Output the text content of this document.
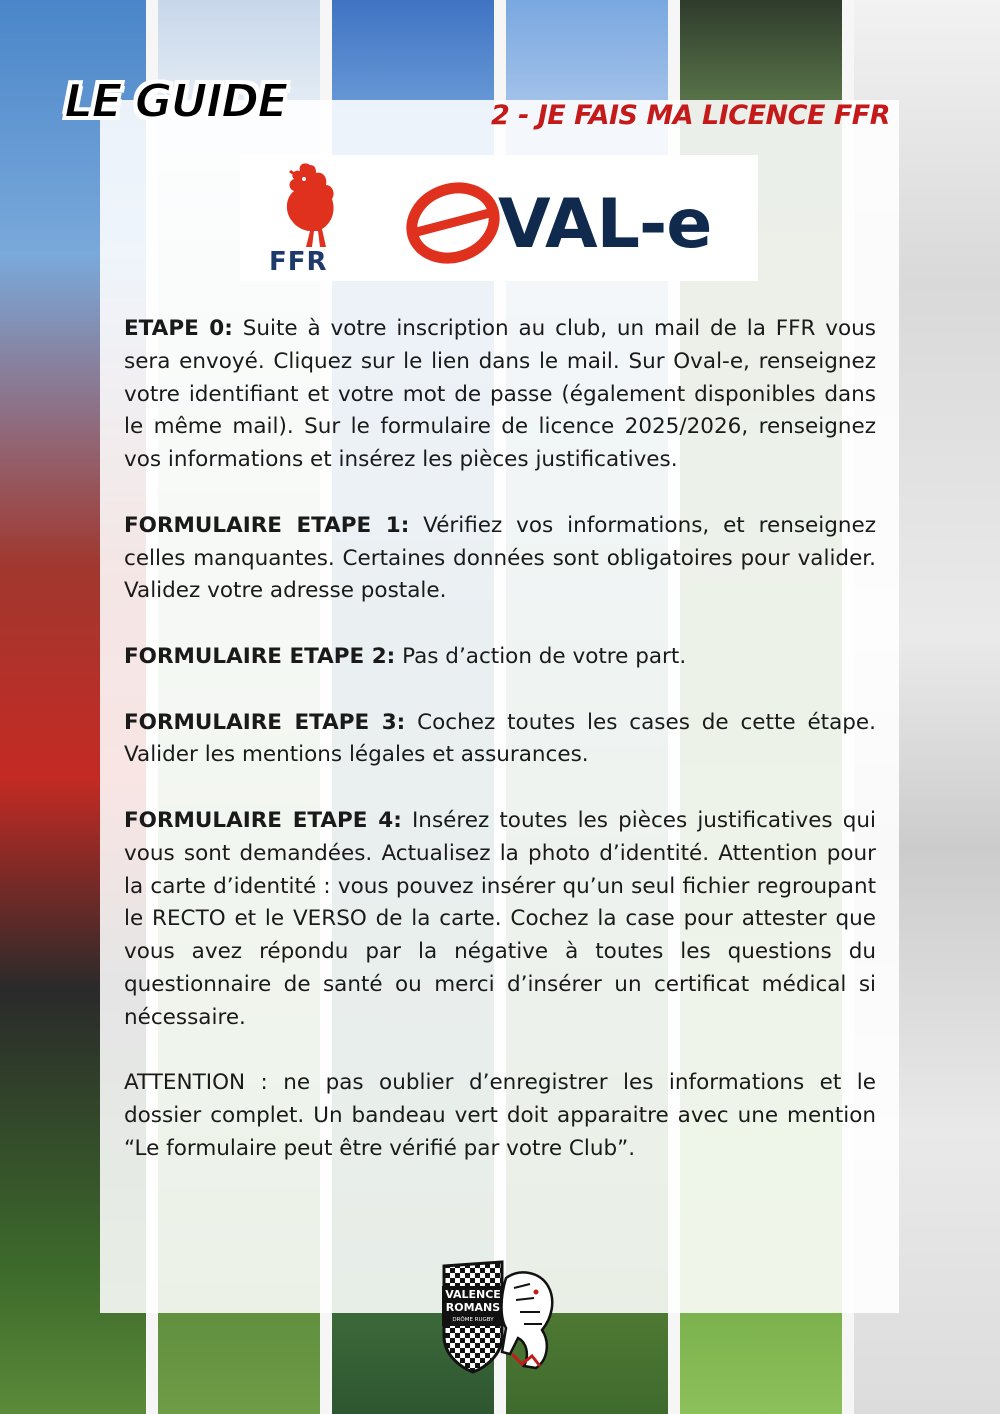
LE GUIDE	2 - JE FAIS MA LICENCE FFR
FFR	VAL-e

ETAPE 0: Suite à votre inscription au club, un mail de la FFR vous sera envoyé. Cliquez sur le lien dans le mail. Sur Oval-e, renseignez votre identifiant et votre mot de passe (également disponibles dans le même mail). Sur le formulaire de licence 2025/2026, renseignez vos informations et insérez les pièces justificatives.

FORMULAIRE ETAPE 1: Vérifiez vos informations, et renseignez celles manquantes. Certaines données sont obligatoires pour valider. Validez votre adresse postale.

FORMULAIRE ETAPE 2: Pas d’action de votre part.

FORMULAIRE ETAPE 3: Cochez toutes les cases de cette étape. Valider les mentions légales et assurances.

FORMULAIRE ETAPE 4: Insérez toutes les pièces justificatives qui vous sont demandées. Actualisez la photo d’identité. Attention pour la carte d’identité : vous pouvez insérer qu’un seul fichier regroupant le RECTO et le VERSO de la carte. Cochez la case pour attester que vous avez répondu par la négative à toutes les questions du questionnaire de santé ou merci d’insérer un certificat médical si nécessaire.

ATTENTION : ne pas oublier d’enregistrer les informations et le dossier complet. Un bandeau vert doit apparaitre avec une mention “Le formulaire peut être vérifié par votre Club”.

VALENCE
ROMANS
DRÔME RUGBY
